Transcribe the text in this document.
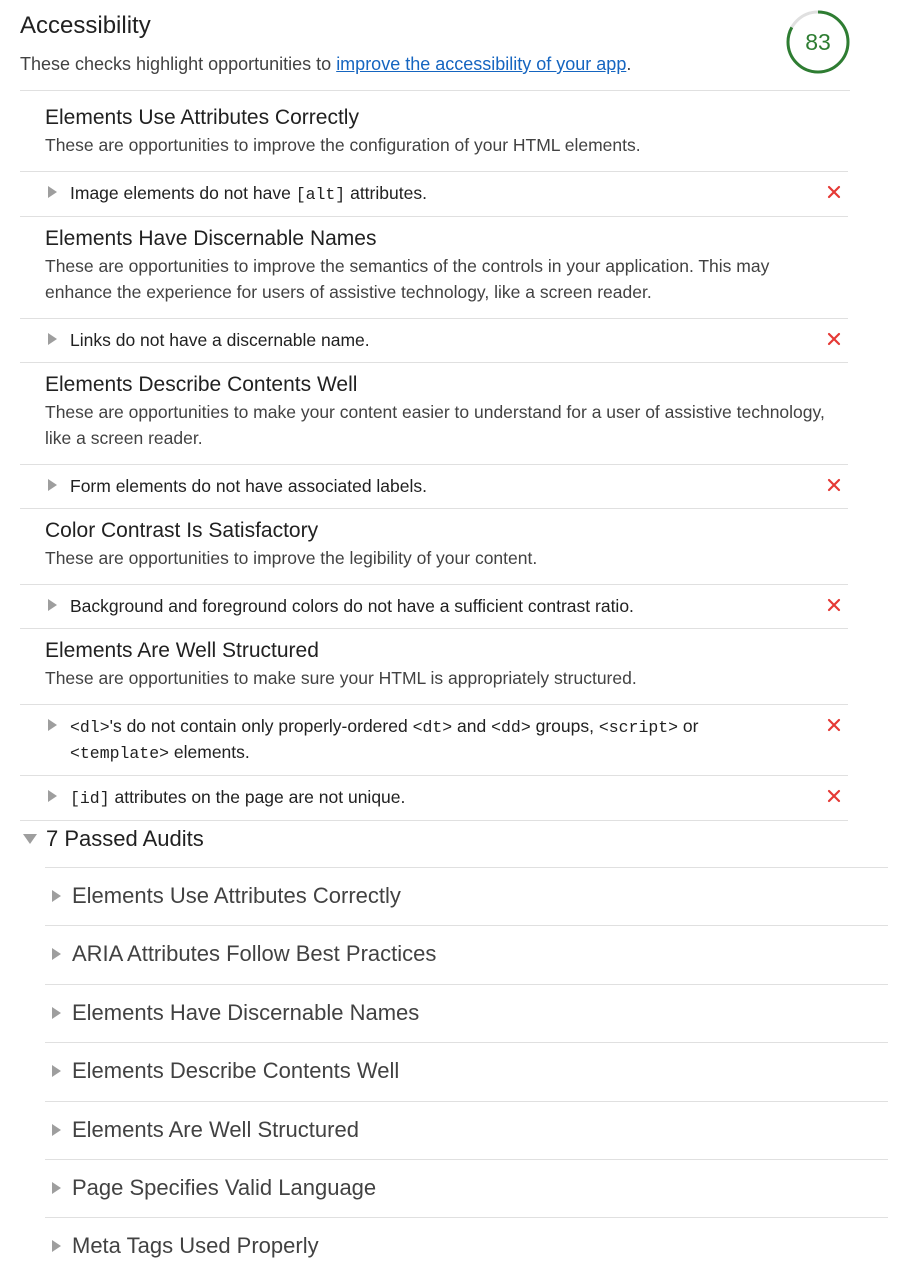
Accessibility
These checks highlight opportunities to improve the accessibility of your app.
83
Elements Use Attributes Correctly
These are opportunities to improve the configuration of your HTML elements.
Image elements do not have [alt] attributes.
Elements Have Discernable Names
These are opportunities to improve the semantics of the controls in your application. This may enhance the experience for users of assistive technology, like a screen reader.
Links do not have a discernable name.
Elements Describe Contents Well
These are opportunities to make your content easier to understand for a user of assistive technology, like a screen reader.
Form elements do not have associated labels.
Color Contrast Is Satisfactory
These are opportunities to improve the legibility of your content.
Background and foreground colors do not have a sufficient contrast ratio.
Elements Are Well Structured
These are opportunities to make sure your HTML is appropriately structured.
<dl>'s do not contain only properly-ordered <dt> and <dd> groups, <script> or <template> elements.
[id] attributes on the page are not unique.
7 Passed Audits
Elements Use Attributes Correctly
ARIA Attributes Follow Best Practices
Elements Have Discernable Names
Elements Describe Contents Well
Elements Are Well Structured
Page Specifies Valid Language
Meta Tags Used Properly
